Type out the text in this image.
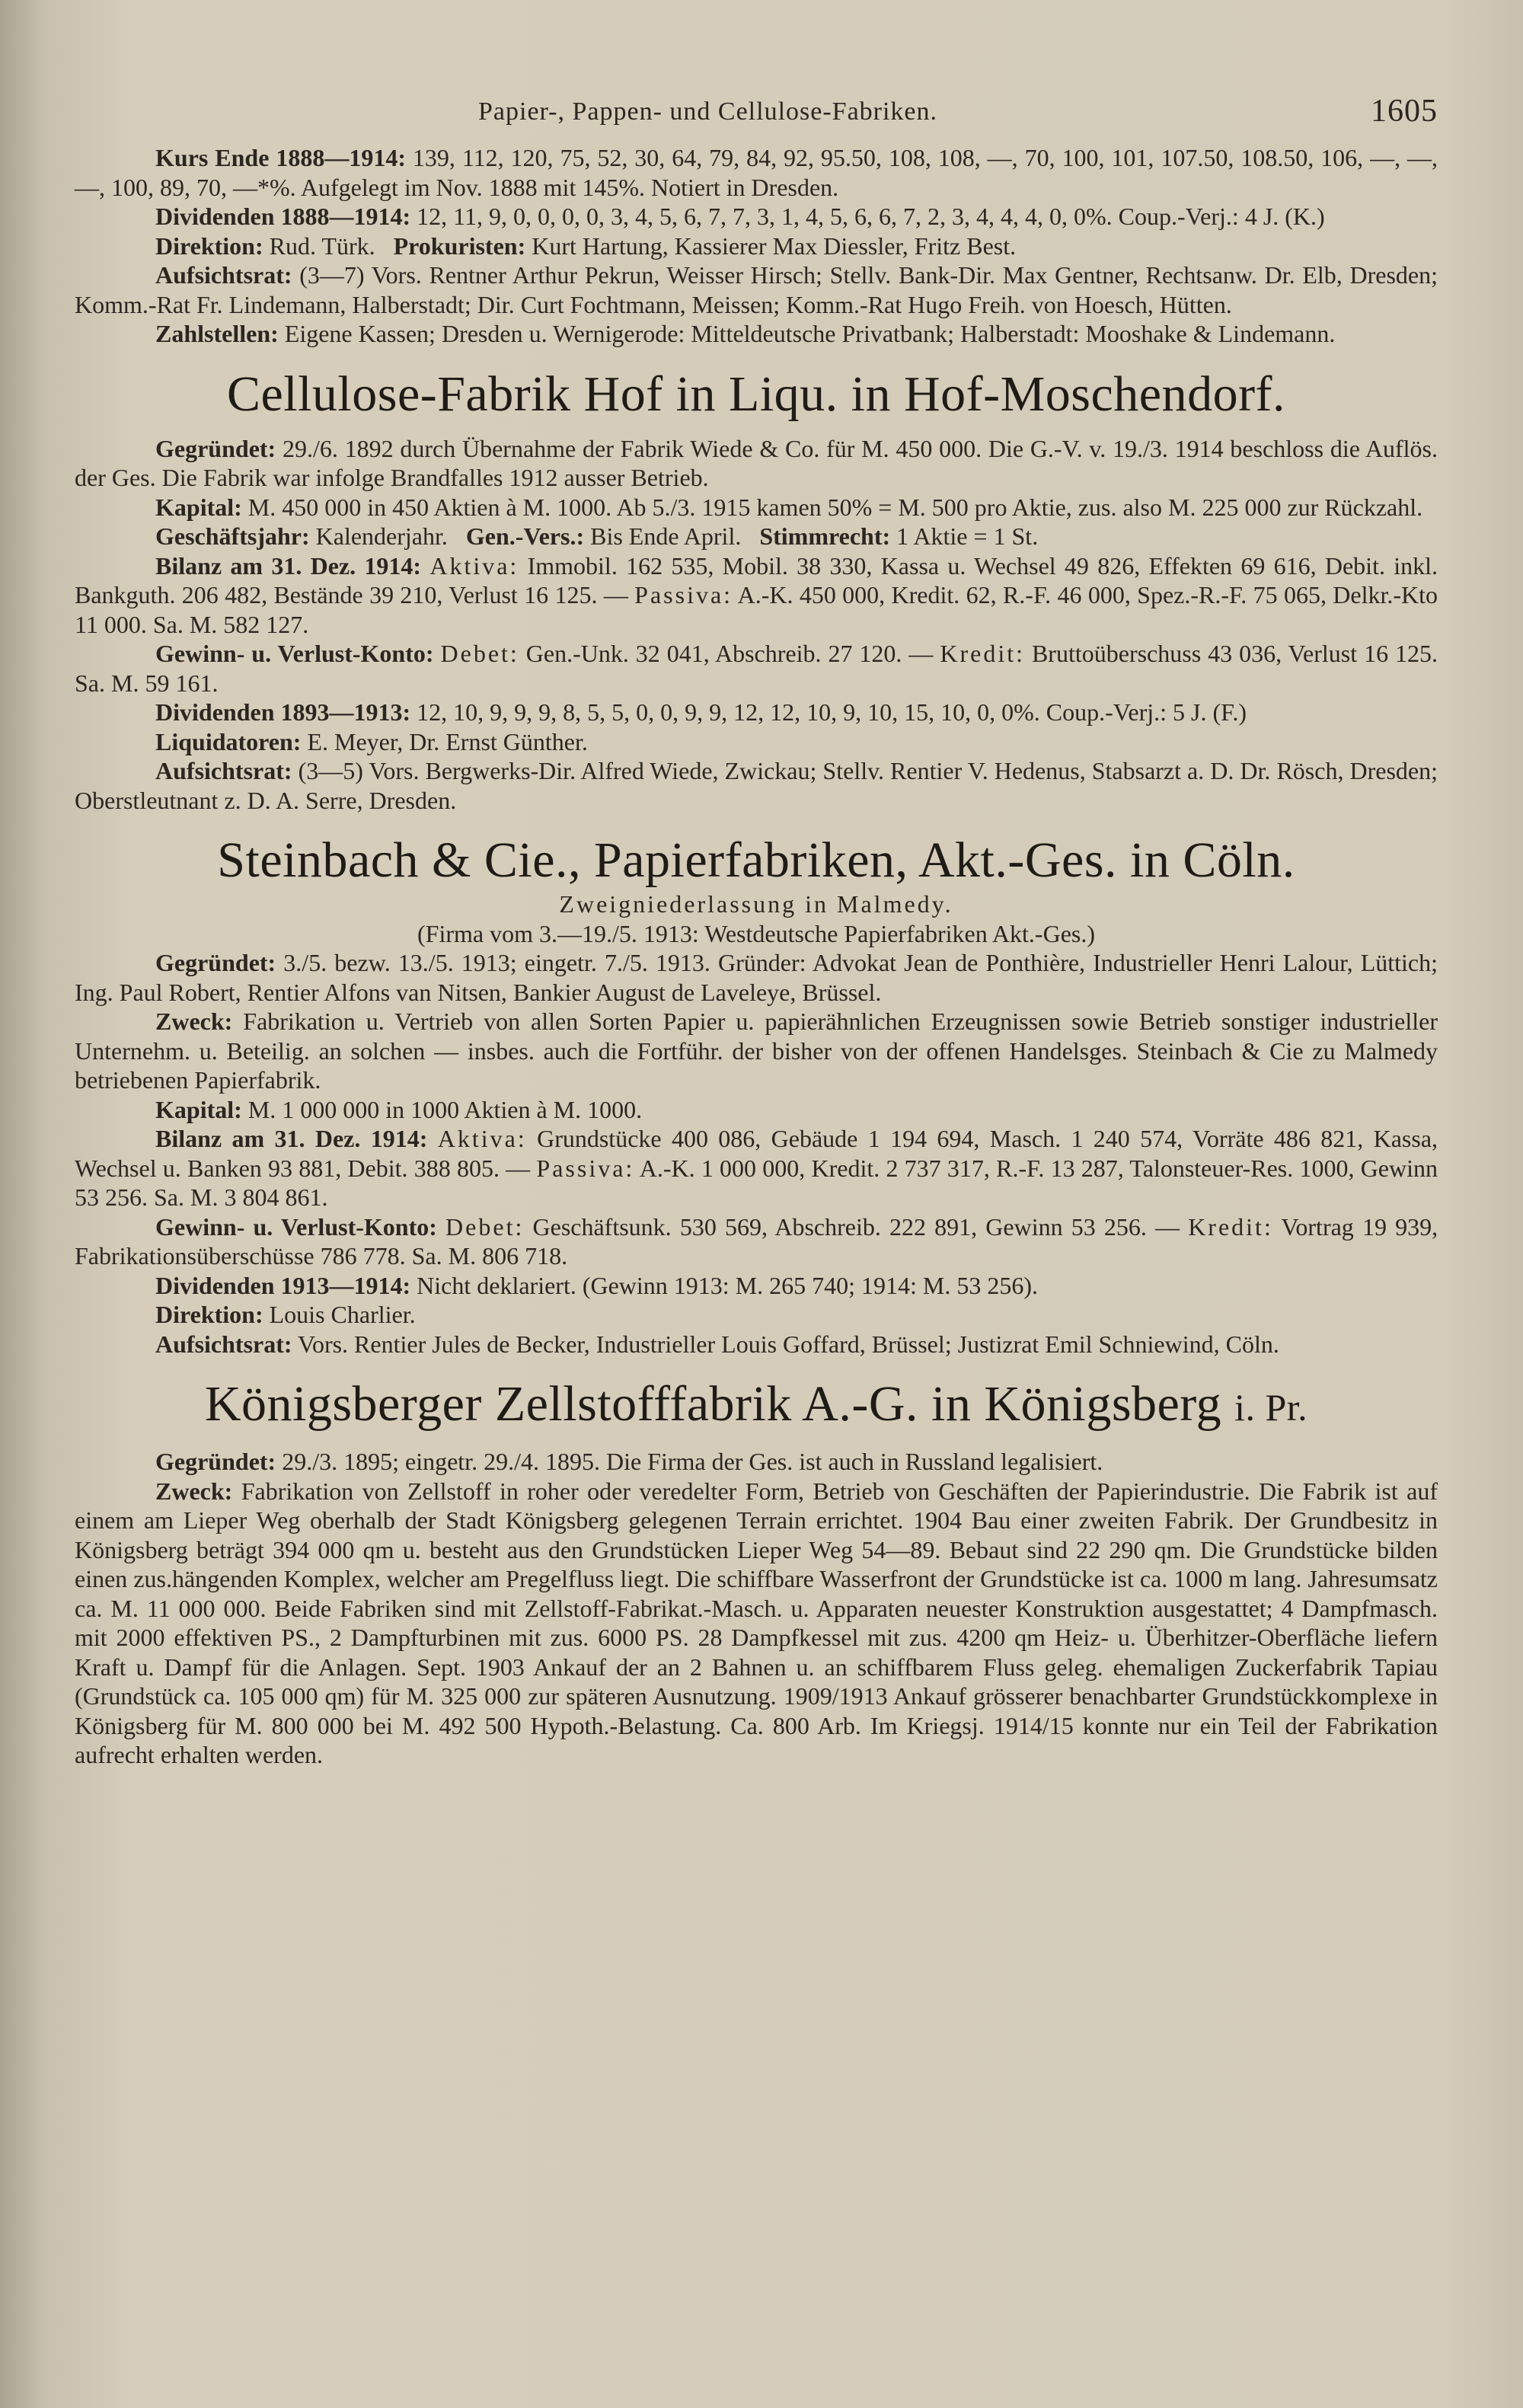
Papier-, Pappen- und Cellulose-Fabriken.	1605

Kurs Ende 1888—1914: 139, 112, 120, 75, 52, 30, 64, 79, 84, 92, 95.50, 108, 108, —, 70, 100, 101, 107.50, 108.50, 106, —, —, —, 100, 89, 70, —*%. Aufgelegt im Nov. 1888 mit 145%. Notiert in Dresden.

Dividenden 1888—1914: 12, 11, 9, 0, 0, 0, 0, 3, 4, 5, 6, 7, 7, 3, 1, 4, 5, 6, 6, 7, 2, 3, 4, 4, 4, 0, 0%. Coup.-Verj.: 4 J. (K.)

Direktion: Rud. Türk. Prokuristen: Kurt Hartung, Kassierer Max Diessler, Fritz Best.

Aufsichtsrat: (3—7) Vors. Rentner Arthur Pekrun, Weisser Hirsch; Stellv. Bank-Dir. Max Gentner, Rechtsanw. Dr. Elb, Dresden; Komm.-Rat Fr. Lindemann, Halberstadt; Dir. Curt Fochtmann, Meissen; Komm.-Rat Hugo Freih. von Hoesch, Hütten.

Zahlstellen: Eigene Kassen; Dresden u. Wernigerode: Mitteldeutsche Privatbank; Halberstadt: Mooshake & Lindemann.

Cellulose-Fabrik Hof in Liqu. in Hof-Moschendorf.

Gegründet: 29./6. 1892 durch Übernahme der Fabrik Wiede & Co. für M. 450 000. Die G.-V. v. 19./3. 1914 beschloss die Auflös. der Ges. Die Fabrik war infolge Brandfalles 1912 ausser Betrieb.

Kapital: M. 450 000 in 450 Aktien à M. 1000. Ab 5./3. 1915 kamen 50% = M. 500 pro Aktie, zus. also M. 225 000 zur Rückzahl.

Geschäftsjahr: Kalenderjahr. Gen.-Vers.: Bis Ende April. Stimmrecht: 1 Aktie = 1 St.

Bilanz am 31. Dez. 1914: Aktiva: Immobil. 162 535, Mobil. 38 330, Kassa u. Wechsel 49 826, Effekten 69 616, Debit. inkl. Bankguth. 206 482, Bestände 39 210, Verlust 16 125. — Passiva: A.-K. 450 000, Kredit. 62, R.-F. 46 000, Spez.-R.-F. 75 065, Delkr.-Kto 11 000. Sa. M. 582 127.

Gewinn- u. Verlust-Konto: Debet: Gen.-Unk. 32 041, Abschreib. 27 120. — Kredit: Bruttoüberschuss 43 036, Verlust 16 125. Sa. M. 59 161.

Dividenden 1893—1913: 12, 10, 9, 9, 9, 8, 5, 5, 0, 0, 9, 9, 12, 12, 10, 9, 10, 15, 10, 0, 0%. Coup.-Verj.: 5 J. (F.)

Liquidatoren: E. Meyer, Dr. Ernst Günther.

Aufsichtsrat: (3—5) Vors. Bergwerks-Dir. Alfred Wiede, Zwickau; Stellv. Rentier V. Hedenus, Stabsarzt a. D. Dr. Rösch, Dresden; Oberstleutnant z. D. A. Serre, Dresden.

Steinbach & Cie., Papierfabriken, Akt.-Ges. in Cöln.
Zweigniederlassung in Malmedy.
(Firma vom 3.—19./5. 1913: Westdeutsche Papierfabriken Akt.-Ges.)

Gegründet: 3./5. bezw. 13./5. 1913; eingetr. 7./5. 1913. Gründer: Advokat Jean de Ponthière, Industrieller Henri Lalour, Lüttich; Ing. Paul Robert, Rentier Alfons van Nitsen, Bankier August de Laveleye, Brüssel.

Zweck: Fabrikation u. Vertrieb von allen Sorten Papier u. papierähnlichen Erzeugnissen sowie Betrieb sonstiger industrieller Unternehm. u. Beteilig. an solchen — insbes. auch die Fortführ. der bisher von der offenen Handelsges. Steinbach & Cie zu Malmedy betriebenen Papierfabrik.

Kapital: M. 1 000 000 in 1000 Aktien à M. 1000.

Bilanz am 31. Dez. 1914: Aktiva: Grundstücke 400 086, Gebäude 1 194 694, Masch. 1 240 574, Vorräte 486 821, Kassa, Wechsel u. Banken 93 881, Debit. 388 805. — Passiva: A.-K. 1 000 000, Kredit. 2 737 317, R.-F. 13 287, Talonsteuer-Res. 1000, Gewinn 53 256. Sa. M. 3 804 861.

Gewinn- u. Verlust-Konto: Debet: Geschäftsunk. 530 569, Abschreib. 222 891, Gewinn 53 256. — Kredit: Vortrag 19 939, Fabrikationsüberschüsse 786 778. Sa. M. 806 718.

Dividenden 1913—1914: Nicht deklariert. (Gewinn 1913: M. 265 740; 1914: M. 53 256).

Direktion: Louis Charlier.

Aufsichtsrat: Vors. Rentier Jules de Becker, Industrieller Louis Goffard, Brüssel; Justizrat Emil Schniewind, Cöln.

Königsberger Zellstofffabrik A.-G. in Königsberg i. Pr.

Gegründet: 29./3. 1895; eingetr. 29./4. 1895. Die Firma der Ges. ist auch in Russland legalisiert.

Zweck: Fabrikation von Zellstoff in roher oder veredelter Form, Betrieb von Geschäften der Papierindustrie. Die Fabrik ist auf einem am Lieper Weg oberhalb der Stadt Königsberg gelegenen Terrain errichtet. 1904 Bau einer zweiten Fabrik. Der Grundbesitz in Königsberg beträgt 394 000 qm u. besteht aus den Grundstücken Lieper Weg 54—89. Bebaut sind 22 290 qm. Die Grundstücke bilden einen zus.hängenden Komplex, welcher am Pregelfluss liegt. Die schiffbare Wasserfront der Grundstücke ist ca. 1000 m lang. Jahresumsatz ca. M. 11 000 000. Beide Fabriken sind mit Zellstoff-Fabrikat.-Masch. u. Apparaten neuester Konstruktion ausgestattet; 4 Dampfmasch. mit 2000 effektiven PS., 2 Dampfturbinen mit zus. 6000 PS. 28 Dampfkessel mit zus. 4200 qm Heiz- u. Überhitzer-Oberfläche liefern Kraft u. Dampf für die Anlagen. Sept. 1903 Ankauf der an 2 Bahnen u. an schiffbarem Fluss geleg. ehemaligen Zuckerfabrik Tapiau (Grundstück ca. 105 000 qm) für M. 325 000 zur späteren Ausnutzung. 1909/1913 Ankauf grösserer benachbarter Grundstückkomplexe in Königsberg für M. 800 000 bei M. 492 500 Hypoth.-Belastung. Ca. 800 Arb. Im Kriegsj. 1914/15 konnte nur ein Teil der Fabrikation aufrecht erhalten werden.
